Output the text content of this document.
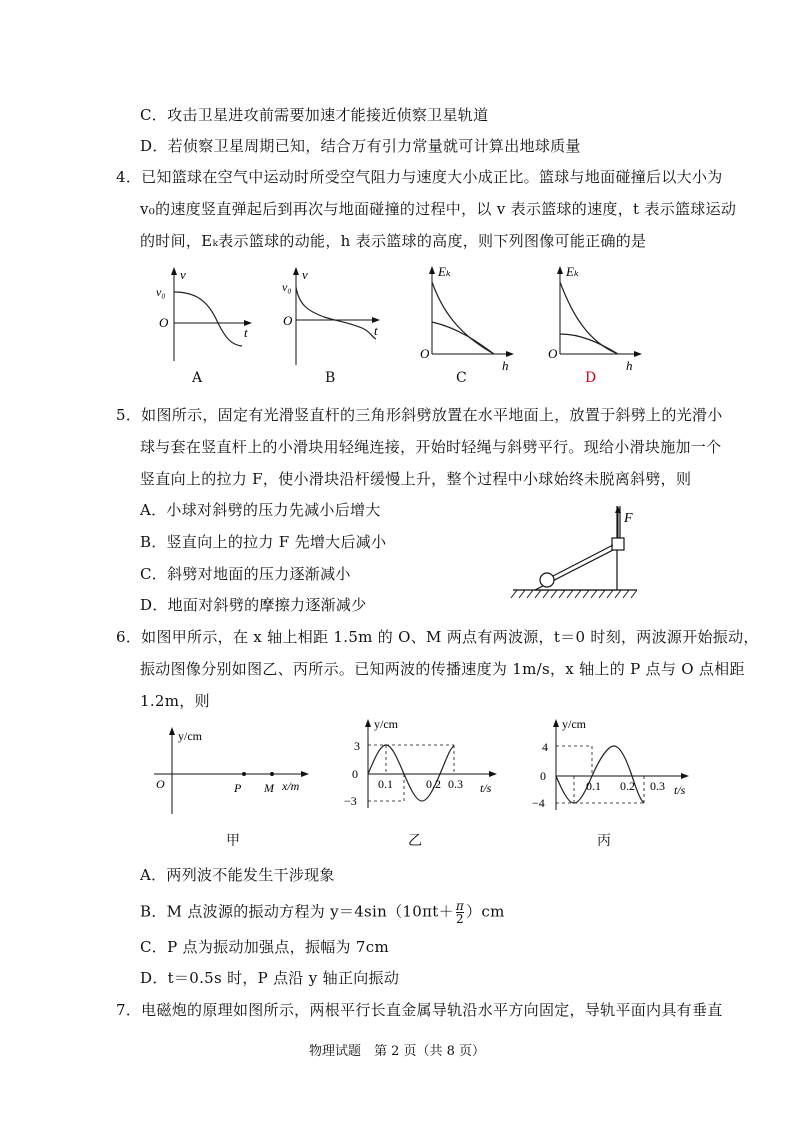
C．攻击卫星进攻前需要加速才能接近侦察卫星轨道
D．若侦察卫星周期已知，结合万有引力常量就可计算出地球质量
4．已知篮球在空气中运动时所受空气阻力与速度大小成正比。篮球与地面碰撞后以大小为
v₀的速度竖直弹起后到再次与地面碰撞的过程中，以 v 表示篮球的速度，t 表示篮球运动
的时间，Eₖ表示篮球的动能，h 表示篮球的高度，则下列图像可能正确的是
v
t
O
v₀
A
v
t
O
v₀
B
Eₖ
h
O
C
Eₖ
h
O
D
5．如图所示，固定有光滑竖直杆的三角形斜劈放置在水平地面上，放置于斜劈上的光滑小
球与套在竖直杆上的小滑块用轻绳连接，开始时轻绳与斜劈平行。现给小滑块施加一个
竖直向上的拉力 F，使小滑块沿杆缓慢上升，整个过程中小球始终未脱离斜劈，则
A．小球对斜劈的压力先减小后增大
B．竖直向上的拉力 F 先增大后减小
C．斜劈对地面的压力逐渐减小
D．地面对斜劈的摩擦力逐渐减少
F
6．如图甲所示，在 x 轴上相距 1.5m 的 O、M 两点有两波源，t＝0 时刻，两波源开始振动，
振动图像分别如图乙、丙所示。已知两波的传播速度为 1m/s，x 轴上的 P 点与 O 点相距
1.2m，则
y/cm
x/m
O	P M
甲
y/cm
t/s
3
0
−3
0.1	0.2 0.3
乙
y/cm
t/s
4
0
−4
0.1 0.2 0.3
丙
A．两列波不能发生干涉现象
B．M 点波源的振动方程为 $y=4\sin(10\pi t+ \frac{\pi}{2} )cm$
C．P 点为振动加强点，振幅为 7cm
D．t＝0.5s 时，P 点沿 y 轴正向振动
7．电磁炮的原理如图所示，两根平行长直金属导轨沿水平方向固定，导轨平面内具有垂直
物理试题　第 2 页（共 8 页）
